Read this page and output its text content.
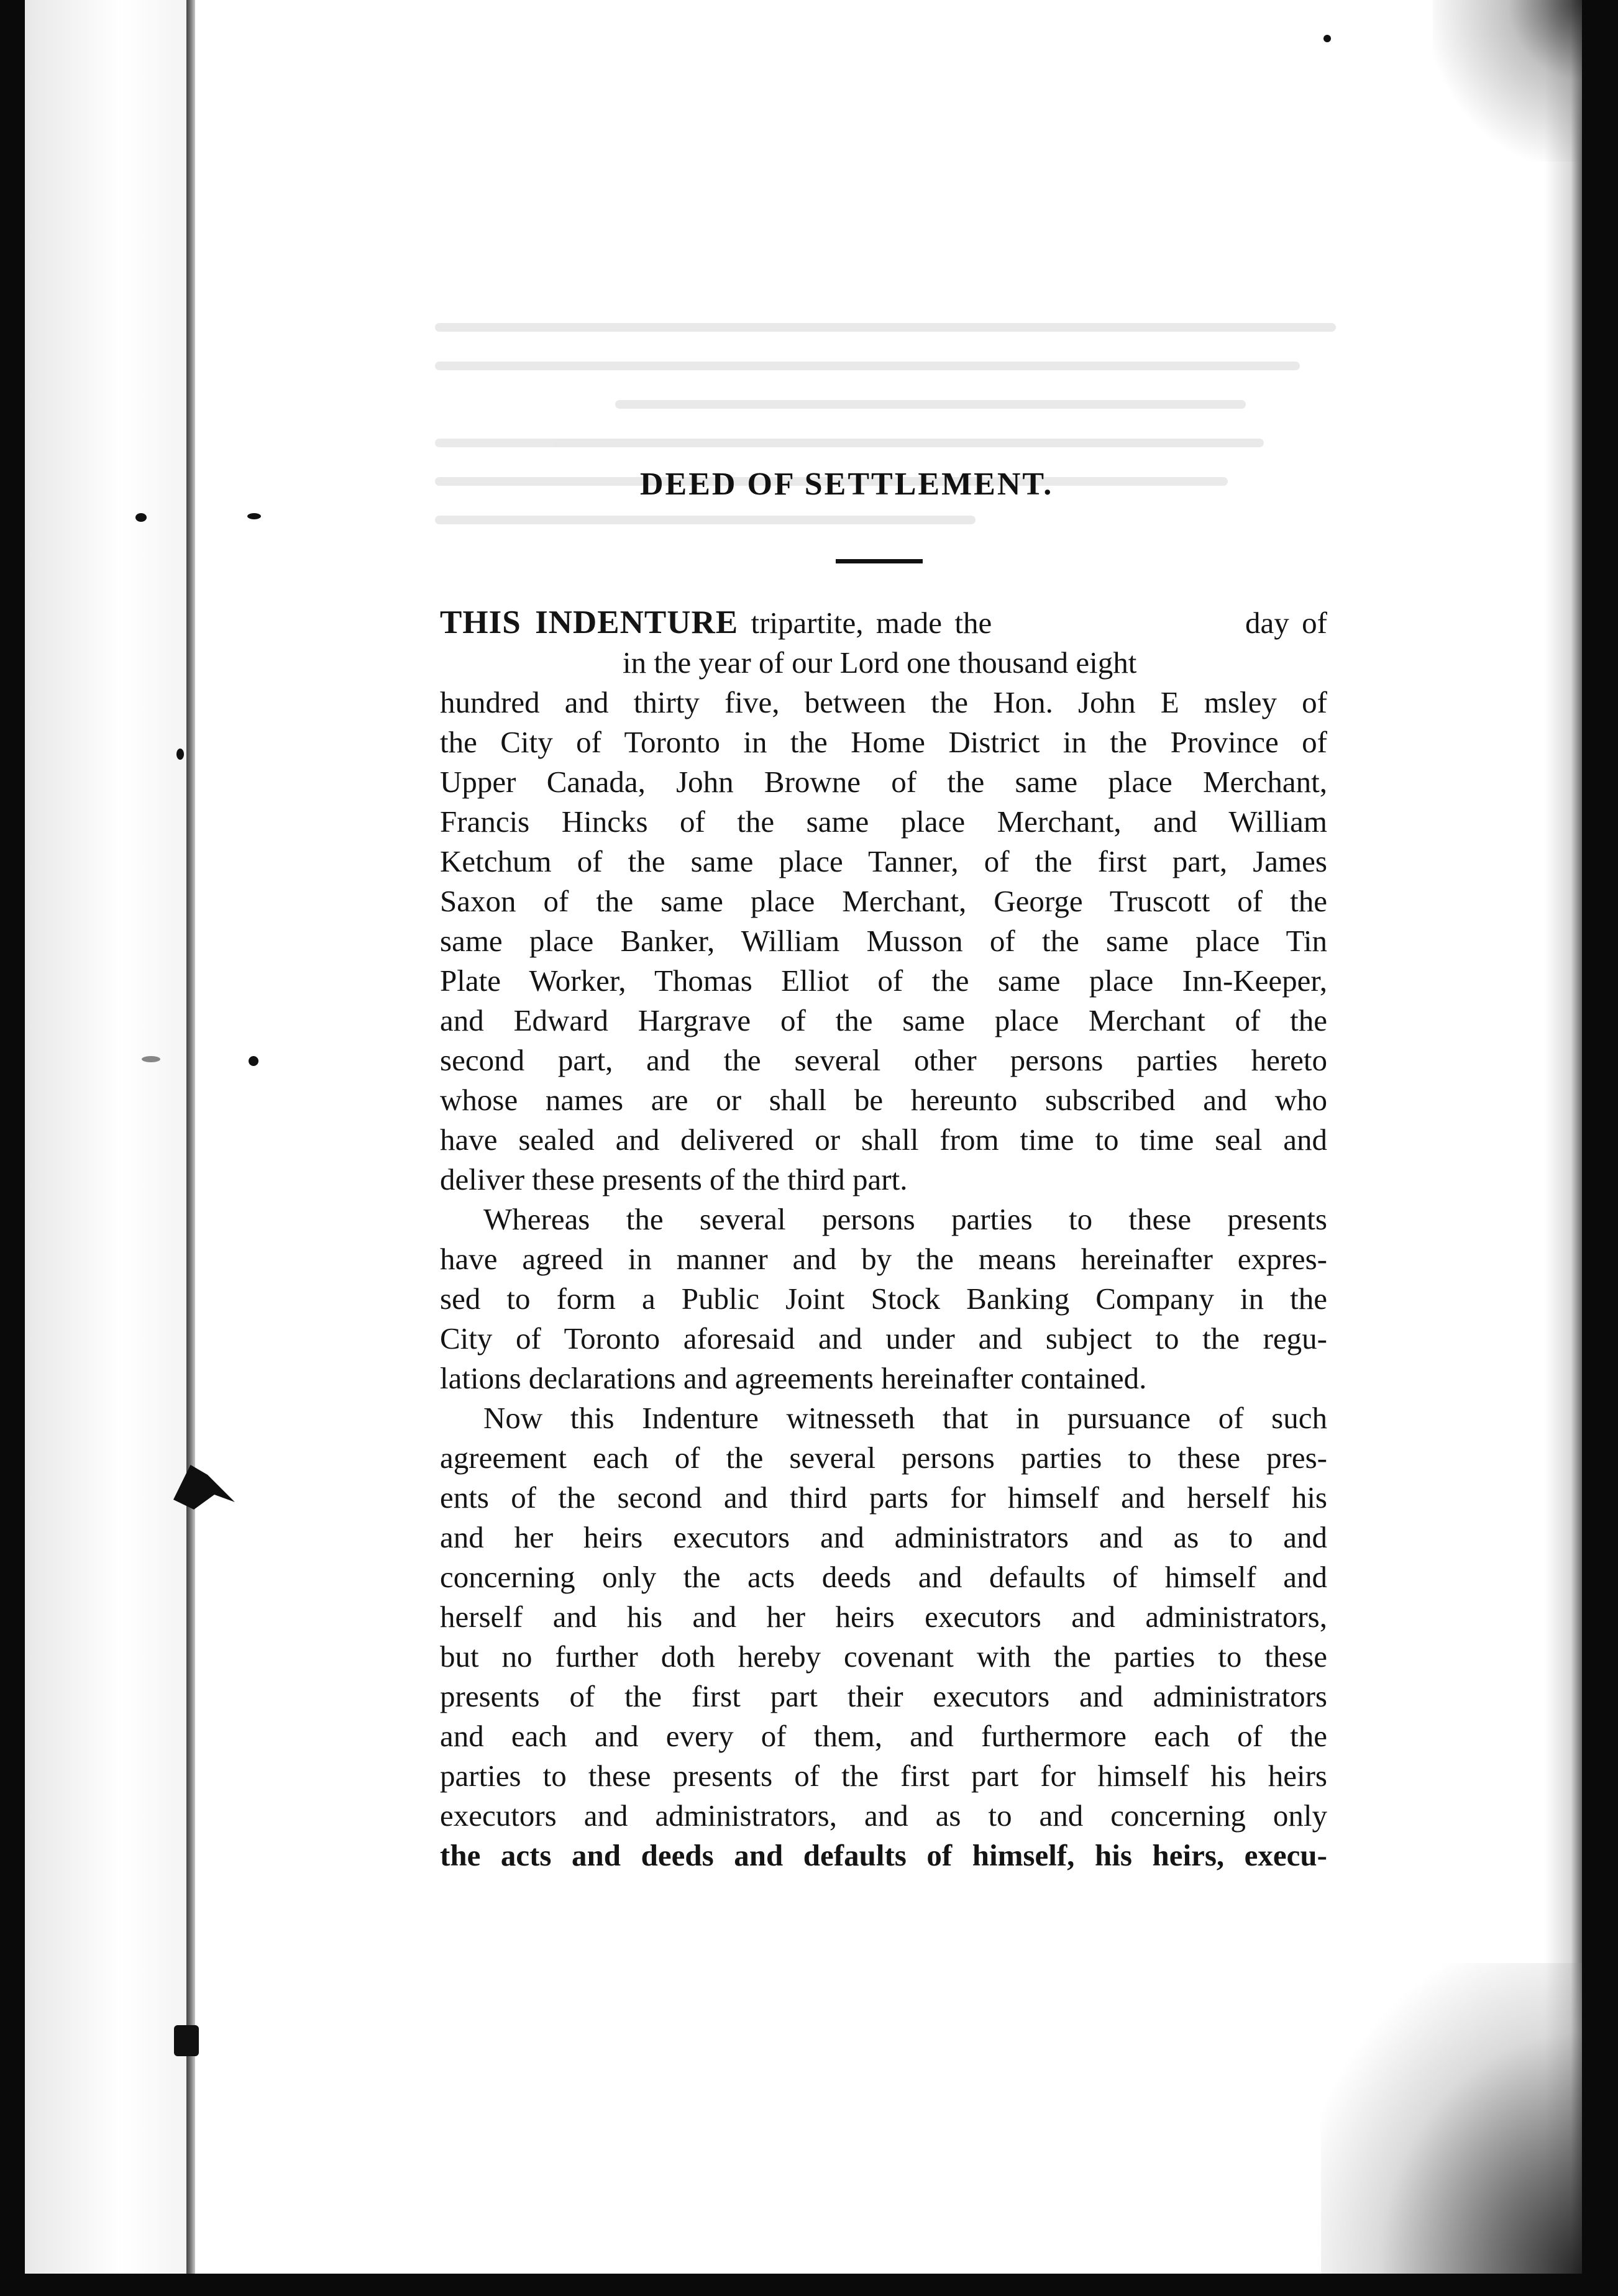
DEED OF SETTLEMENT.

THIS INDENTURE tripartite, made the                    day of
in the year of our Lord one thousand eight
hundred and thirty five, between the Hon. John E msley of
the City of Toronto in the Home District in the Province of
Upper Canada, John Browne of the same place Merchant,
Francis Hincks of the same place Merchant, and William
Ketchum of the same place Tanner, of the first part, James
Saxon of the same place Merchant, George Truscott of the
same place Banker, William Musson of the same place Tin
Plate Worker, Thomas Elliot of the same place Inn-Keeper,
and Edward Hargrave of the same place Merchant of the
second part, and the several other persons parties hereto
whose names are or shall be hereunto subscribed and who
have sealed and delivered or shall from time to time seal and
deliver these presents of the third part.

Whereas the several persons parties to these presents
have agreed in manner and by the means hereinafter expres-
sed to form a Public Joint Stock Banking Company in the
City of Toronto aforesaid and under and subject to the regu-
lations declarations and agreements hereinafter contained.

Now this Indenture witnesseth that in pursuance of such
agreement each of the several persons parties to these pres-
ents of the second and third parts for himself and herself his
and her heirs executors and administrators and as to and
concerning only the acts deeds and defaults of himself and
herself and his and her heirs executors and administrators,
but no further doth hereby covenant with the parties to these
presents of the first part their executors and administrators
and each and every of them, and furthermore each of the
parties to these presents of the first part for himself his heirs
executors and administrators, and as to and concerning only
the acts and deeds and defaults of himself, his heirs, execu-
